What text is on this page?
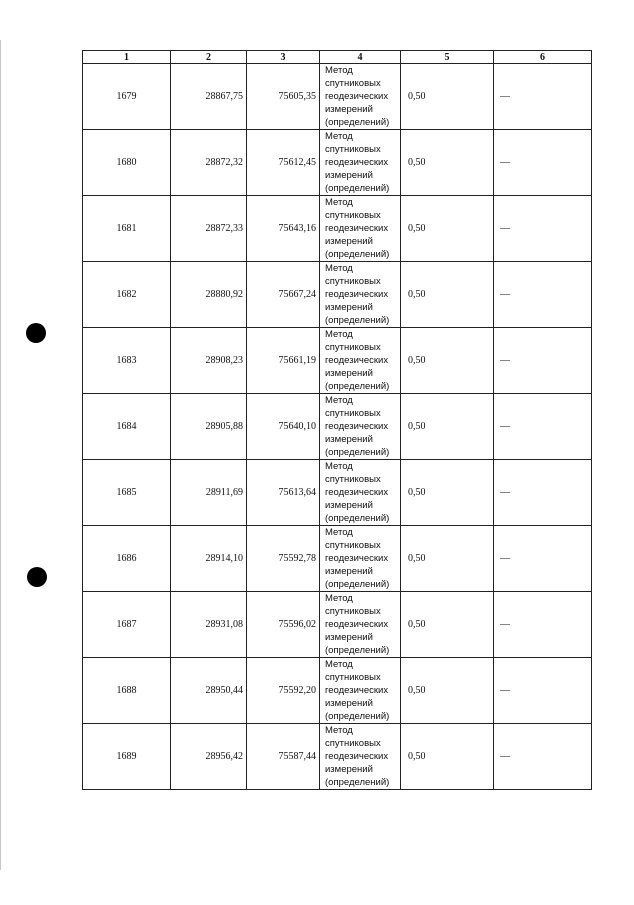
1	2	3	4	5	6
1679	28867,75	75605,35	Метод спутниковых геодезических измерений (определений)	0,50	—
1680	28872,32	75612,45	Метод спутниковых геодезических измерений (определений)	0,50	—
1681	28872,33	75643,16	Метод спутниковых геодезических измерений (определений)	0,50	—
1682	28880,92	75667,24	Метод спутниковых геодезических измерений (определений)	0,50	—
1683	28908,23	75661,19	Метод спутниковых геодезических измерений (определений)	0,50	—
1684	28905,88	75640,10	Метод спутниковых геодезических измерений (определений)	0,50	—
1685	28911,69	75613,64	Метод спутниковых геодезических измерений (определений)	0,50	—
1686	28914,10	75592,78	Метод спутниковых геодезических измерений (определений)	0,50	—
1687	28931,08	75596,02	Метод спутниковых геодезических измерений (определений)	0,50	—
1688	28950,44	75592,20	Метод спутниковых геодезических измерений (определений)	0,50	—
1689	28956,42	75587,44	Метод спутниковых геодезических измерений (определений)	0,50	—
